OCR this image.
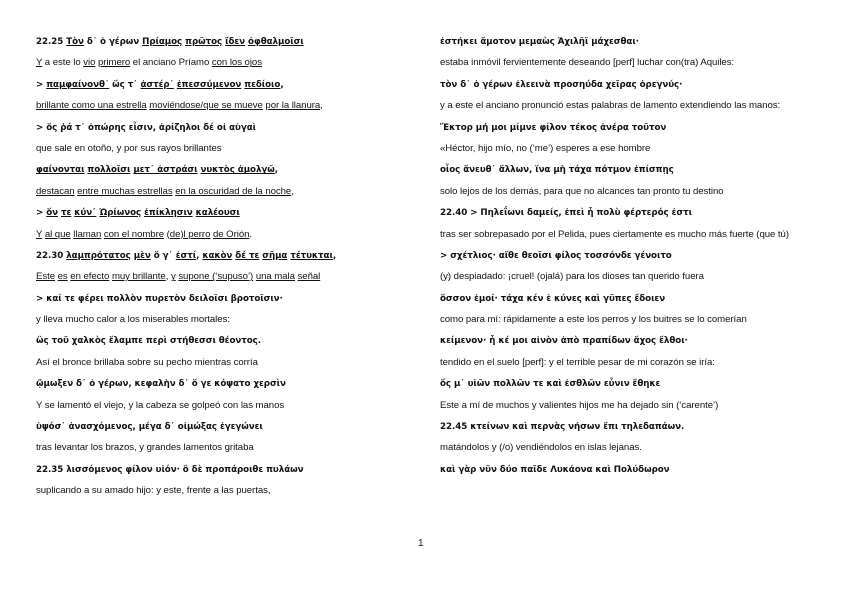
22.25 Τὸν δ᾽ ὁ γέρων Πρίαμος πρῶτος ἴδεν ὀφθαλμοῖσι
Y a este lo vio primero el anciano Príamo con los ojos
> παμφαίνονθ᾽ ὥς τ᾽ ἀστέρ᾽ ἐπεσσύμενον πεδίοιο,
brillante como una estrella moviéndose/que se mueve por la llanura,
> ὅς ῥά τ᾽ ὀπώρης εἶσιν, ἀρίζηλοι δέ οἱ αὐγαὶ
que sale en otoño, y por sus rayos brillantes
φαίνονται πολλοῖσι μετ᾽ ἀστράσι νυκτὸς ἀμολγῷ,
destacan entre muchas estrellas en la oscuridad de la noche,
> ὅν τε κύν᾽ Ὠρίωνος ἐπίκλησιν καλέουσι
Y al que llaman con el nombre (de)l perro de Orión.
22.30 λαμπρότατος μὲν ὅ γ᾽ ἐστί, κακὸν δέ τε σῆμα τέτυκται,
Este es en efecto muy brillante, y supone (‘supuso’) una mala señal
> καί τε φέρει πολλὸν πυρετὸν δειλοῖσι βροτοῖσιν·
y lleva mucho calor a los miserables mortales:
ὣς τοῦ χαλκὸς ἔλαμπε περὶ στήθεσσι θέοντος.
Así el bronce brillaba sobre su pecho mientras corría
ᾤμωξεν δ᾽ ὁ γέρων, κεφαλὴν δ᾽ ὅ γε κόψατο χερσὶν
Y se lamentó el viejo, y la cabeza se golpeó con las manos
ὑψόσ᾽ ἀνασχόμενος, μέγα δ᾽ οἰμώξας ἐγεγώνει
tras levantar los brazos, y grandes lamentos gritaba
22.35 λισσόμενος φίλον υἱόν· ὃ δὲ προπάροιθε πυλάων
suplicando a su amado hijo: y este, frente a las puertas,
ἑστήκει ἄμοτον μεμαὼς Ἀχιλῆϊ μάχεσθαι·
estaba inmóvil fervientemente deseando [perf] luchar con(tra) Aquiles:
τὸν δ᾽ ὁ γέρων ἐλεεινὰ προσηύδα χεῖρας ὀρεγνύς·
y a este el anciano pronunció estas palabras de lamento extendiendo las manos:
Ἕκτορ μή μοι μίμνε φίλον τέκος ἀνέρα τοῦτον
«Héctor, hijo mío, no (‘me’) esperes a ese hombre
οἶος ἄνευθ᾽ ἄλλων, ἵνα μὴ τάχα πότμον ἐπίσπῃς
solo lejos de los demás, para que no alcances tan pronto tu destino
22.40 > Πηλεΐωνι δαμείς, ἐπεὶ ἦ πολὺ φέρτερός ἐστι
tras ser sobrepasado por el Pelida, pues ciertamente es mucho más fuerte (que tú)
> σχέτλιος· αἴθε θεοῖσι φίλος τοσσόνδε γένοιτο
(y) despiadado: ¡cruel! (ojalá) para los dioses tan querido fuera
ὅσσον ἐμοί· τάχα κέν ἑ κύνες καὶ γῦπες ἔδοιεν
como para mí: rápidamente a este los perros y los buitres se lo comerían
κείμενον· ἦ κέ μοι αἰνὸν ἀπὸ πραπίδων ἄχος ἔλθοι·
tendido en el suelo [perf]: y el terrible pesar de mi corazón se iría:
ὅς μ᾽ υἱῶν πολλῶν τε καὶ ἐσθλῶν εὖνιν ἔθηκε
Este a mí de muchos y valientes hijos me ha dejado sin (‘carente’)
22.45 κτείνων καὶ περνὰς νήσων ἔπι τηλεδαπάων.
matándolos y (/o) vendiéndolos en islas lejanas.
καὶ γὰρ νῦν δύο παῖδε Λυκάονα καὶ Πολύδωρον
1
